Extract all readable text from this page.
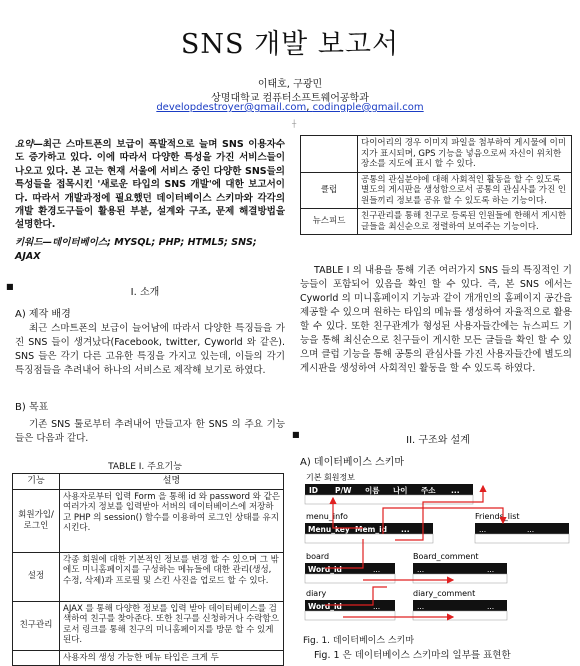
SNS 개발 보고서
이태호, 구광민
상명대학교 컴퓨터소프트웨어공학과
developdestroyer@gmail.com, codingple@gmail.com
요약—최근 스마트폰의 보급이 폭발적으로 늘며 SNS 이용자수도 증가하고 있다. 이에 따라서 다양한 특성을 가진 서비스들이 나오고 있다. 본 고는 현재 서울에 서비스 중인 다양한 SNS들의 특성들을 접목시킨 '새로운 타입의 SNS 개발'에 대한 보고서이다. 따라서 개발과정에 필요했던 데이터베이스 스키마와 각각의 개발 환경도구들이 활용된 부분, 설계와 구조, 문제 해결방법을 설명한다.
키워드—데이터베이스; MYSQL; PHP; HTML5; SNS; AJAX
I. 소개
A) 제작 배경
최근 스마트폰의 보급이 늘어남에 따라서 다양한 특징들을 가진 SNS 들이 생겨났다(Facebook, twitter, Cyworld 와 같은). SNS 들은 각기 다른 고유한 특징을 가지고 있는데, 이들의 각기 특징점들을 추려내어 하나의 서비스로 제작해 보기로 하였다.
B) 목표
기존 SNS 툴로부터 추려내어 만들고자 한 SNS 의 주요 기능들은 다음과 같다.
TABLE I. 주요기능
기능	설명
회원가입/로그인	사용자로부터 입력 Form 을 통해 id 와 password 와 같은 여러가지 정보를 입력받아 서버의 데이터베이스에 저장하고 PHP 의 session() 함수를 이용하여 로그인 상태를 유지시킨다.
설정	각종 회원에 대한 기본적인 정보를 변경 할 수 있으며 그 밖에도 미니홈페이지를 구성하는 메뉴들에 대한 관리(생성, 수정, 삭제)과 프로필 및 스킨 사진을 업로드 할 수 있다.
친구관리	AJAX 를 통해 다양한 정보를 입력 받아 데이터베이스를 검색하여 친구를 찾아준다. 또한 친구를 신청하거나 수락함으로서 링크를 통해 친구의 미니홈페이지를 방문 할 수 있게 된다.
	사용자의 생성 가능한 메뉴 타입은 크게 두
	다이어리의 경우 이미지 파일을 첨부하여 게시물에 이미지가 표시되며, GPS 기능을 넣음으로써 자신이 위치한 장소를 지도에 표시 할 수 있다.
클럽	공통의 관심분야에 대해 사회적인 활동을 할 수 있도록 별도의 게시판을 생성함으로서 공통의 관심사를 가진 인원들끼리 정보를 공유 할 수 있도록 하는 기능이다.
뉴스피드	친구관리를 통해 친구로 등록된 인원들에 한해서 게시한 글들을 최신순으로 정렬하여 보여주는 기능이다.
TABLE I 의 내용을 통해 기존 여러가지 SNS 들의 특징적인 기능들이 포함되어 있음을 확인 할 수 있다. 즉, 본 SNS 에서는 Cyworld 의 미니홈페이지 기능과 같이 개개인의 홈페이지 공간을 제공할 수 있으며 원하는 타입의 메뉴를 생성하여 자율적으로 활용 할 수 있다. 또한 친구관계가 형성된 사용자들간에는 뉴스피드 기능을 통해 최신순으로 친구들이 게시한 모든 글들을 확인 할 수 있으며 클럽 기능을 통해 공통의 관심사를 가진 사용자들간에 별도의 게시판을 생성하여 사회적인 활동을 할 수 있도록 하였다.
II. 구조와 설계
A) 데이터베이스 스키마
기본 회원정보
ID P/W 이름 나이 주소 ...
menu_info
Menu_key Mem_id ...
Friends_list
...	...
board
Word_id	...
Board_comment
...	...
diary
Word_id	...
diary_comment
...	...
Fig. 1. 데이터베이스 스키마
Fig. 1 은 데이터베이스 스키마의 일부를 표현한
■
■
┼
